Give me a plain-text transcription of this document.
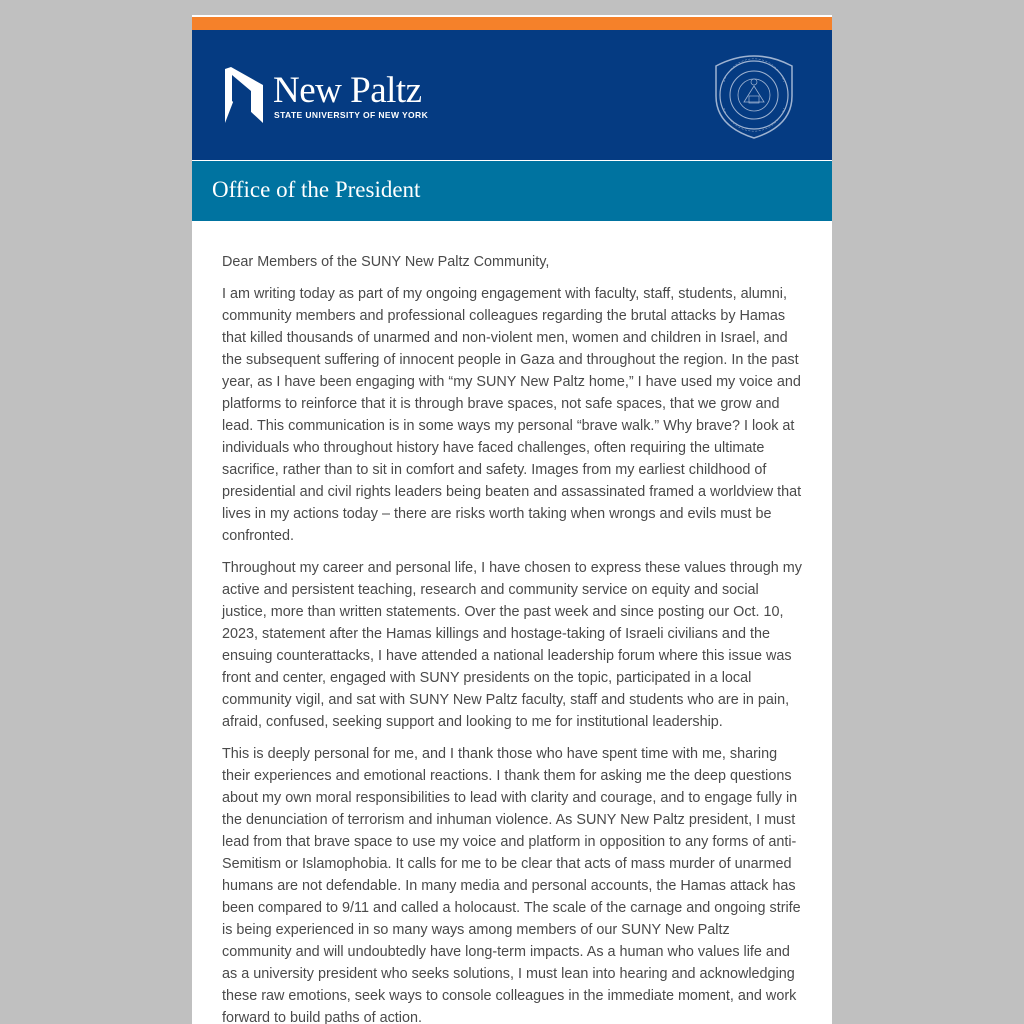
New Paltz
STATE UNIVERSITY OF NEW YORK
Office of the President

Dear Members of the SUNY New Paltz Community,

I am writing today as part of my ongoing engagement with faculty, staff, students, alumni, community members and professional colleagues regarding the brutal attacks by Hamas that killed thousands of unarmed and non-violent men, women and children in Israel, and the subsequent suffering of innocent people in Gaza and throughout the region. In the past year, as I have been engaging with “my SUNY New Paltz home,” I have used my voice and platforms to reinforce that it is through brave spaces, not safe spaces, that we grow and lead. This communication is in some ways my personal “brave walk.” Why brave? I look at individuals who throughout history have faced challenges, often requiring the ultimate sacrifice, rather than to sit in comfort and safety. Images from my earliest childhood of presidential and civil rights leaders being beaten and assassinated framed a worldview that lives in my actions today – there are risks worth taking when wrongs and evils must be confronted.

Throughout my career and personal life, I have chosen to express these values through my active and persistent teaching, research and community service on equity and social justice, more than written statements. Over the past week and since posting our Oct. 10, 2023, statement after the Hamas killings and hostage-taking of Israeli civilians and the ensuing counterattacks, I have attended a national leadership forum where this issue was front and center, engaged with SUNY presidents on the topic, participated in a local community vigil, and sat with SUNY New Paltz faculty, staff and students who are in pain, afraid, confused, seeking support and looking to me for institutional leadership.

This is deeply personal for me, and I thank those who have spent time with me, sharing their experiences and emotional reactions. I thank them for asking me the deep questions about my own moral responsibilities to lead with clarity and courage, and to engage fully in the denunciation of terrorism and inhuman violence. As SUNY New Paltz president, I must lead from that brave space to use my voice and platform in opposition to any forms of anti-Semitism or Islamophobia. It calls for me to be clear that acts of mass murder of unarmed humans are not defendable. In many media and personal accounts, the Hamas attack has been compared to 9/11 and called a holocaust. The scale of the carnage and ongoing strife is being experienced in so many ways among members of our SUNY New Paltz community and will undoubtedly have long-term impacts. As a human who values life and as a university president who seeks solutions, I must lean into hearing and acknowledging these raw emotions, seek ways to console colleagues in the immediate moment, and work forward to build paths of action.
